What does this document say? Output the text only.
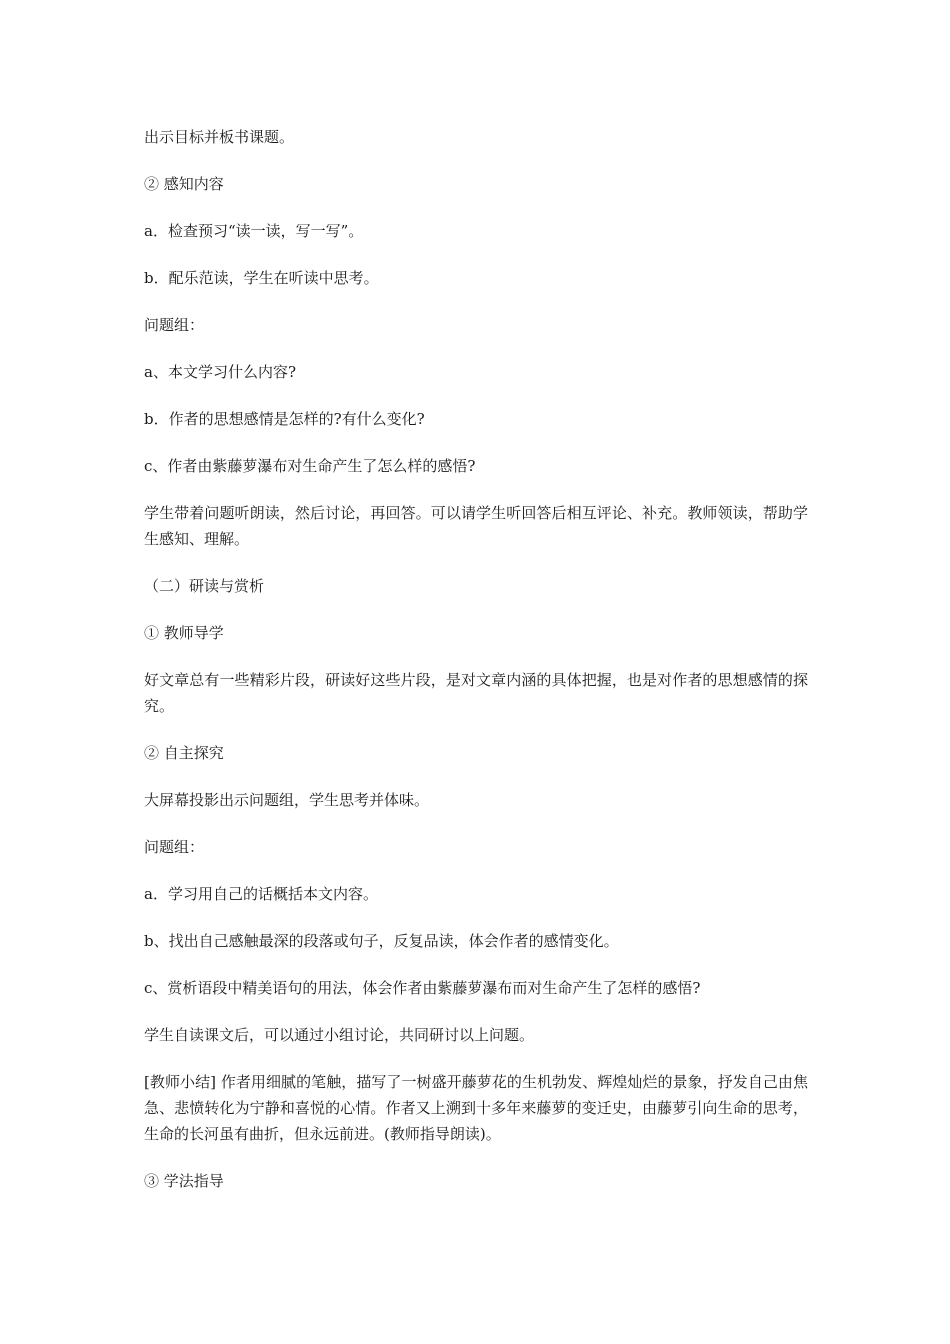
出示目标并板书课题。

② 感知内容

a．检查预习“读一读，写一写”。

b．配乐范读，学生在听读中思考。

问题组：

a、本文学习什么内容?

b．作者的思想感情是怎样的?有什么变化?

c、作者由紫藤萝瀑布对生命产生了怎么样的感悟?

学生带着问题听朗读，然后讨论，再回答。可以请学生听回答后相互评论、补充。教师领读，帮助学生感知、理解。

（二）研读与赏析

① 教师导学

好文章总有一些精彩片段，研读好这些片段，是对文章内涵的具体把握，也是对作者的思想感情的探究。

② 自主探究

大屏幕投影出示问题组，学生思考并体味。

问题组：

a．学习用自己的话概括本文内容。

b、找出自己感触最深的段落或句子，反复品读，体会作者的感情变化。

c、赏析语段中精美语句的用法，体会作者由紫藤萝瀑布而对生命产生了怎样的感悟?

学生自读课文后，可以通过小组讨论，共同研讨以上问题。

[教师小结] 作者用细腻的笔触，描写了一树盛开藤萝花的生机勃发、辉煌灿烂的景象，抒发自己由焦急、悲愤转化为宁静和喜悦的心情。作者又上溯到十多年来藤萝的变迁史，由藤萝引向生命的思考，生命的长河虽有曲折，但永远前进。(教师指导朗读)。

③ 学法指导
